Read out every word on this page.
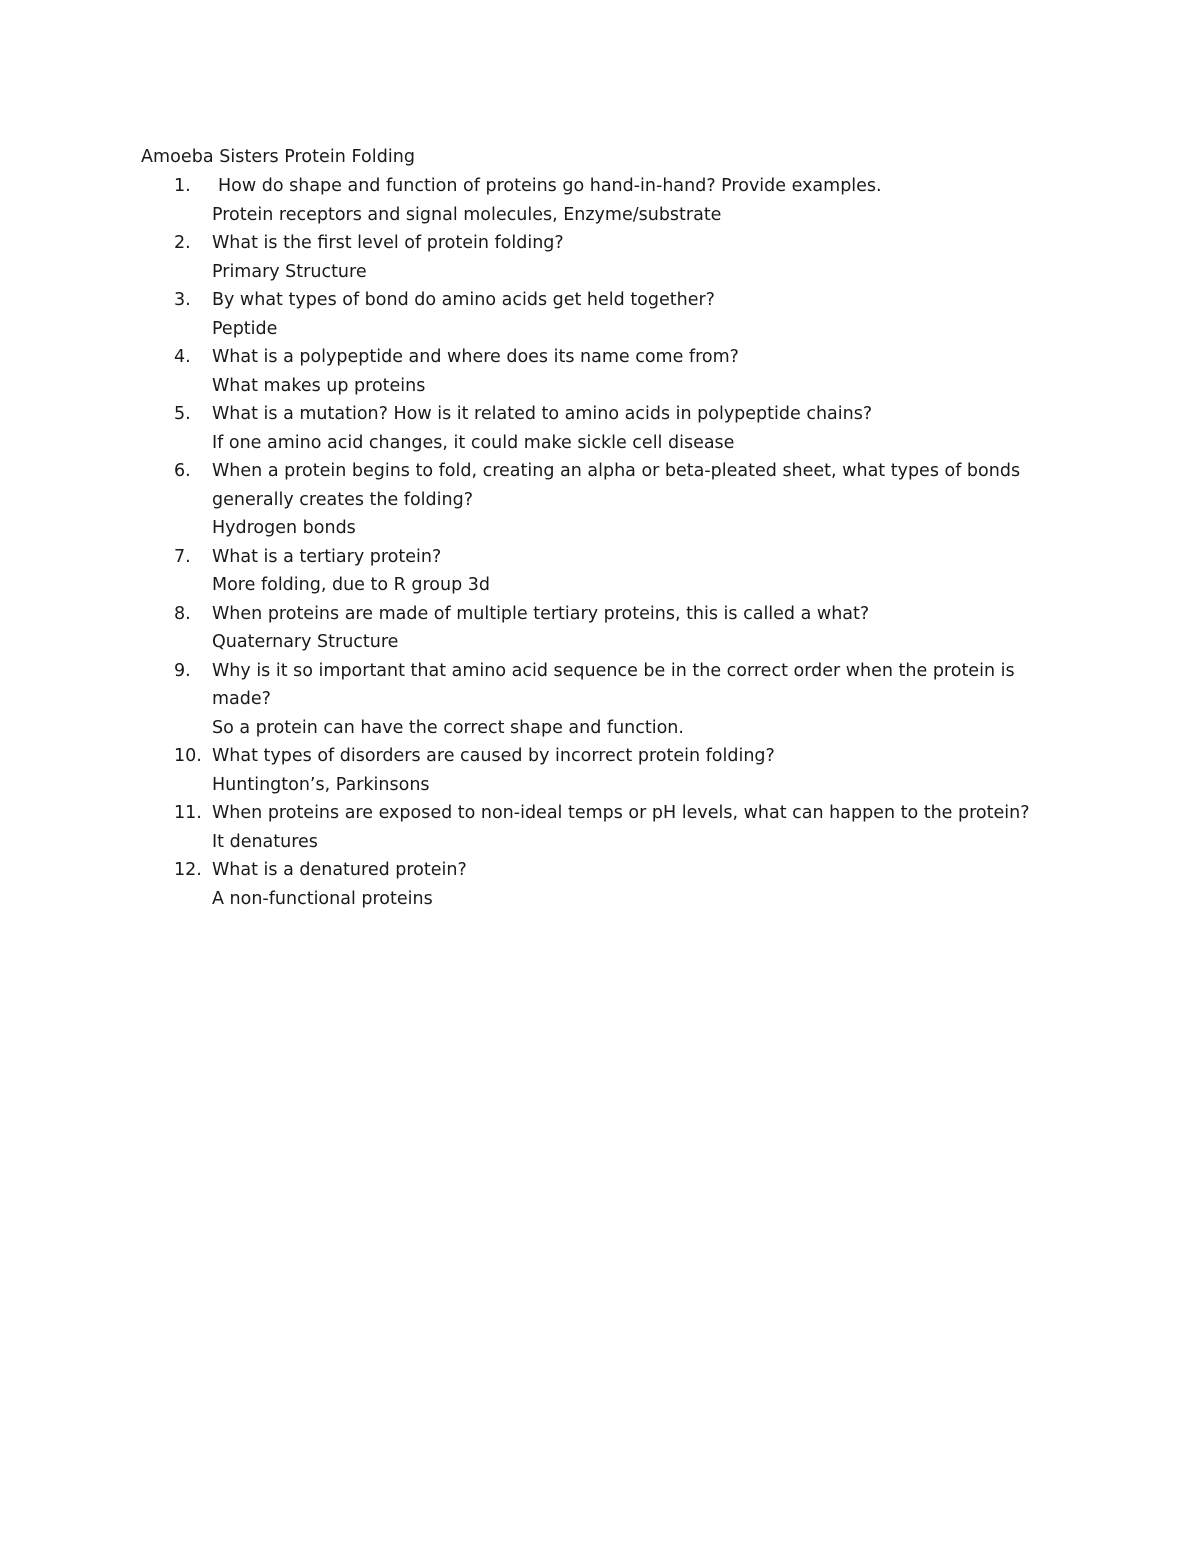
Amoeba Sisters Protein Folding
1.	How do shape and function of proteins go hand-in-hand? Provide examples.
Protein receptors and signal molecules, Enzyme/substrate
2.	What is the first level of protein folding?
Primary Structure
3.	By what types of bond do amino acids get held together?
Peptide
4.	What is a polypeptide and where does its name come from?
What makes up proteins
5.	What is a mutation? How is it related to amino acids in polypeptide chains?
If one amino acid changes, it could make sickle cell disease
6.	When a protein begins to fold, creating an alpha or beta-pleated sheet, what types of bonds generally creates the folding?
Hydrogen bonds
7.	What is a tertiary protein?
More folding, due to R group 3d
8.	When proteins are made of multiple tertiary proteins, this is called a what?
Quaternary Structure
9.	Why is it so important that amino acid sequence be in the correct order when the protein is made?
So a protein can have the correct shape and function.
10. What types of disorders are caused by incorrect protein folding?
Huntington’s, Parkinsons
11. When proteins are exposed to non-ideal temps or pH levels, what can happen to the protein?
It denatures
12. What is a denatured protein?
A non-functional proteins
